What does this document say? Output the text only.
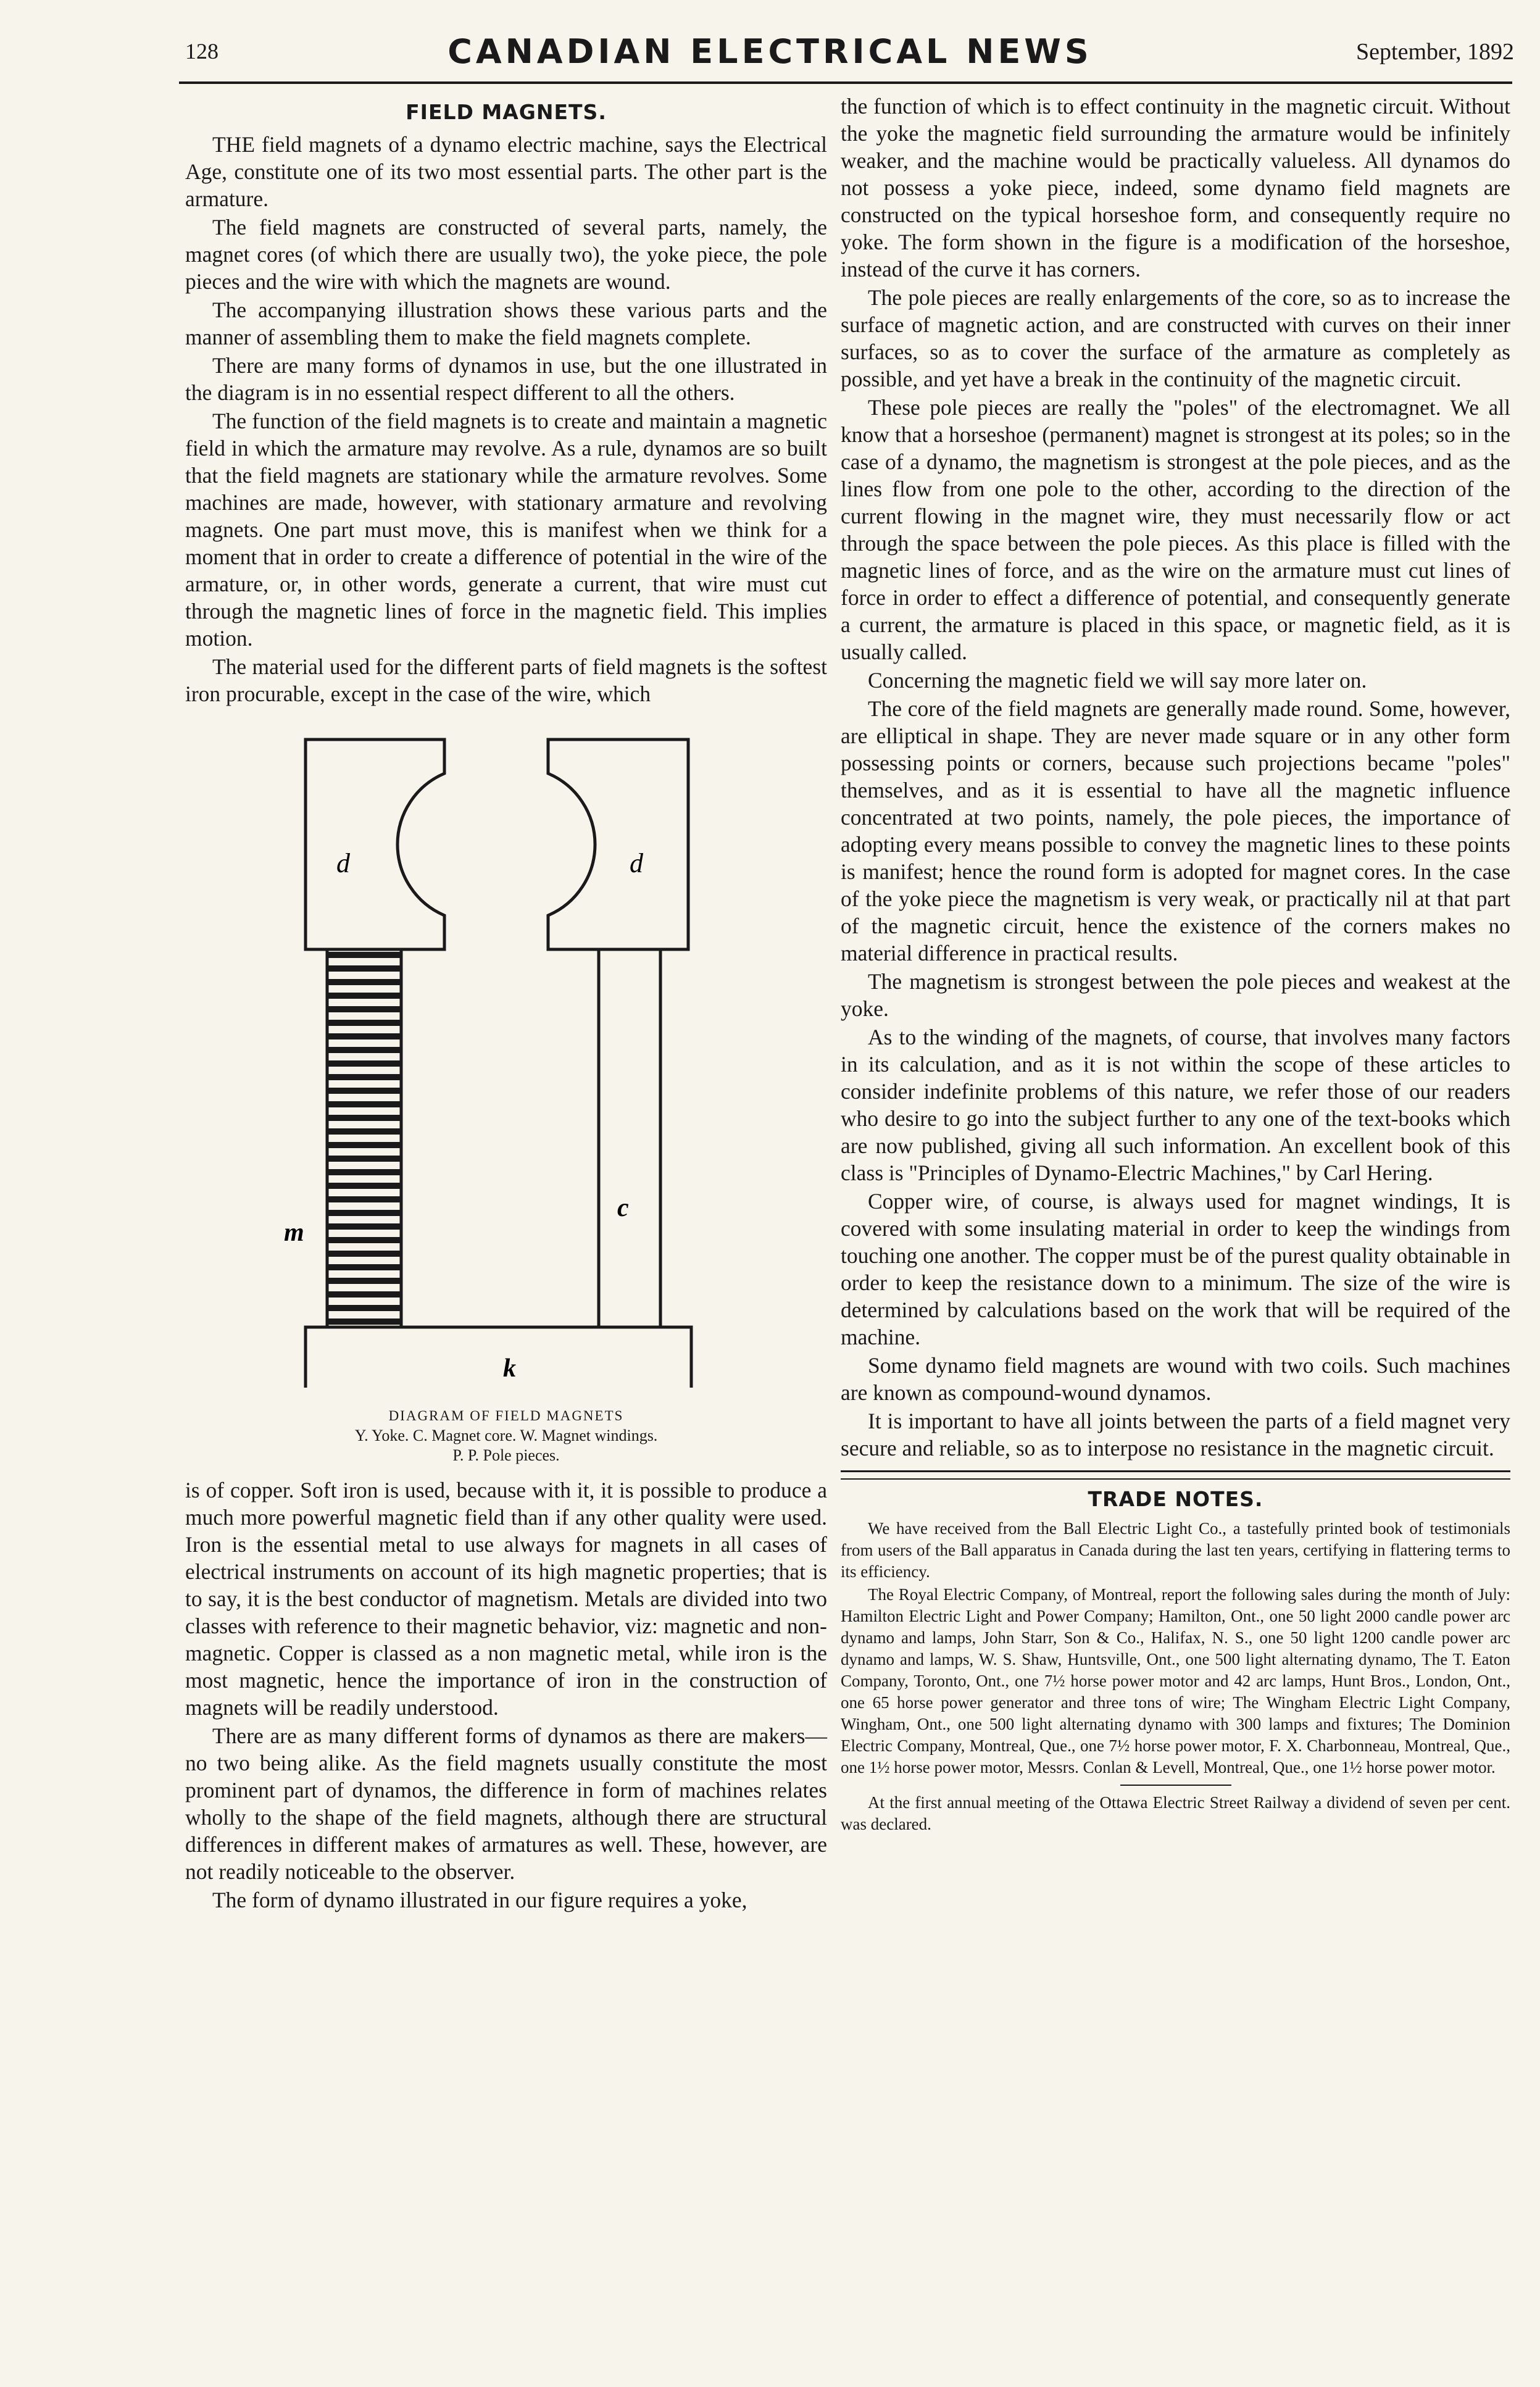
128	CANADIAN ELECTRICAL NEWS	September, 1892
FIELD MAGNETS.

THE field magnets of a dynamo electric machine, says the Electrical Age, constitute one of its two most essential parts. The other part is the armature.

The field magnets are constructed of several parts, namely, the magnet cores (of which there are usually two), the yoke piece, the pole pieces and the wire with which the magnets are wound.

The accompanying illustration shows these various parts and the manner of assembling them to make the field magnets complete.

There are many forms of dynamos in use, but the one illustrated in the diagram is in no essential respect different to all the others.

The function of the field magnets is to create and maintain a magnetic field in which the armature may revolve. As a rule, dynamos are so built that the field magnets are stationary while the armature revolves. Some machines are made, however, with stationary armature and revolving magnets. One part must move, this is manifest when we think for a moment that in order to create a difference of potential in the wire of the armature, or, in other words, generate a current, that wire must cut through the magnetic lines of force in the magnetic field. This implies motion.

The material used for the different parts of field magnets is the softest iron procurable, except in the case of the wire, which

d	d
m
c
k
DIAGRAM OF FIELD MAGNETS
Y. Yoke. C. Magnet core. W. Magnet windings.
P. P. Pole pieces.

is of copper. Soft iron is used, because with it, it is possible to produce a much more powerful magnetic field than if any other quality were used. Iron is the essential metal to use always for magnets in all cases of electrical instruments on account of its high magnetic properties; that is to say, it is the best conductor of magnetism. Metals are divided into two classes with reference to their magnetic behavior, viz: magnetic and non-magnetic. Copper is classed as a non magnetic metal, while iron is the most magnetic, hence the importance of iron in the construction of magnets will be readily understood.

There are as many different forms of dynamos as there are makers—no two being alike. As the field magnets usually constitute the most prominent part of dynamos, the difference in form of machines relates wholly to the shape of the field magnets, although there are structural differences in different makes of armatures as well. These, however, are not readily noticeable to the observer.

The form of dynamo illustrated in our figure requires a yoke,

the function of which is to effect continuity in the magnetic circuit. Without the yoke the magnetic field surrounding the armature would be infinitely weaker, and the machine would be practically valueless. All dynamos do not possess a yoke piece, indeed, some dynamo field magnets are constructed on the typical horseshoe form, and consequently require no yoke. The form shown in the figure is a modification of the horseshoe, instead of the curve it has corners.

The pole pieces are really enlargements of the core, so as to increase the surface of magnetic action, and are constructed with curves on their inner surfaces, so as to cover the surface of the armature as completely as possible, and yet have a break in the continuity of the magnetic circuit.

These pole pieces are really the "poles" of the electromagnet. We all know that a horseshoe (permanent) magnet is strongest at its poles; so in the case of a dynamo, the magnetism is strongest at the pole pieces, and as the lines flow from one pole to the other, according to the direction of the current flowing in the magnet wire, they must necessarily flow or act through the space between the pole pieces. As this place is filled with the magnetic lines of force, and as the wire on the armature must cut lines of force in order to effect a difference of potential, and consequently generate a current, the armature is placed in this space, or magnetic field, as it is usually called.

Concerning the magnetic field we will say more later on.

The core of the field magnets are generally made round. Some, however, are elliptical in shape. They are never made square or in any other form possessing points or corners, because such projections became "poles" themselves, and as it is essential to have all the magnetic influence concentrated at two points, namely, the pole pieces, the importance of adopting every means possible to convey the magnetic lines to these points is manifest; hence the round form is adopted for magnet cores. In the case of the yoke piece the magnetism is very weak, or practically nil at that part of the magnetic circuit, hence the existence of the corners makes no material difference in practical results.

The magnetism is strongest between the pole pieces and weakest at the yoke.

As to the winding of the magnets, of course, that involves many factors in its calculation, and as it is not within the scope of these articles to consider indefinite problems of this nature, we refer those of our readers who desire to go into the subject further to any one of the text-books which are now published, giving all such information. An excellent book of this class is "Principles of Dynamo-Electric Machines," by Carl Hering.

Copper wire, of course, is always used for magnet windings, It is covered with some insulating material in order to keep the windings from touching one another. The copper must be of the purest quality obtainable in order to keep the resistance down to a minimum. The size of the wire is determined by calculations based on the work that will be required of the machine.

Some dynamo field magnets are wound with two coils. Such machines are known as compound-wound dynamos.

It is important to have all joints between the parts of a field magnet very secure and reliable, so as to interpose no resistance in the magnetic circuit.

TRADE NOTES.

We have received from the Ball Electric Light Co., a tastefully printed book of testimonials from users of the Ball apparatus in Canada during the last ten years, certifying in flattering terms to its efficiency.

The Royal Electric Company, of Montreal, report the following sales during the month of July: Hamilton Electric Light and Power Company; Hamilton, Ont., one 50 light 2000 candle power arc dynamo and lamps, John Starr, Son & Co., Halifax, N. S., one 50 light 1200 candle power arc dynamo and lamps, W. S. Shaw, Huntsville, Ont., one 500 light alternating dynamo, The T. Eaton Company, Toronto, Ont., one 7½ horse power motor and 42 arc lamps, Hunt Bros., London, Ont., one 65 horse power generator and three tons of wire; The Wingham Electric Light Company, Wingham, Ont., one 500 light alternating dynamo with 300 lamps and fixtures; The Dominion Electric Company, Montreal, Que., one 7½ horse power motor, F. X. Charbonneau, Montreal, Que., one 1½ horse power motor, Messrs. Conlan & Levell, Montreal, Que., one 1½ horse power motor.

At the first annual meeting of the Ottawa Electric Street Railway a dividend of seven per cent. was declared.
